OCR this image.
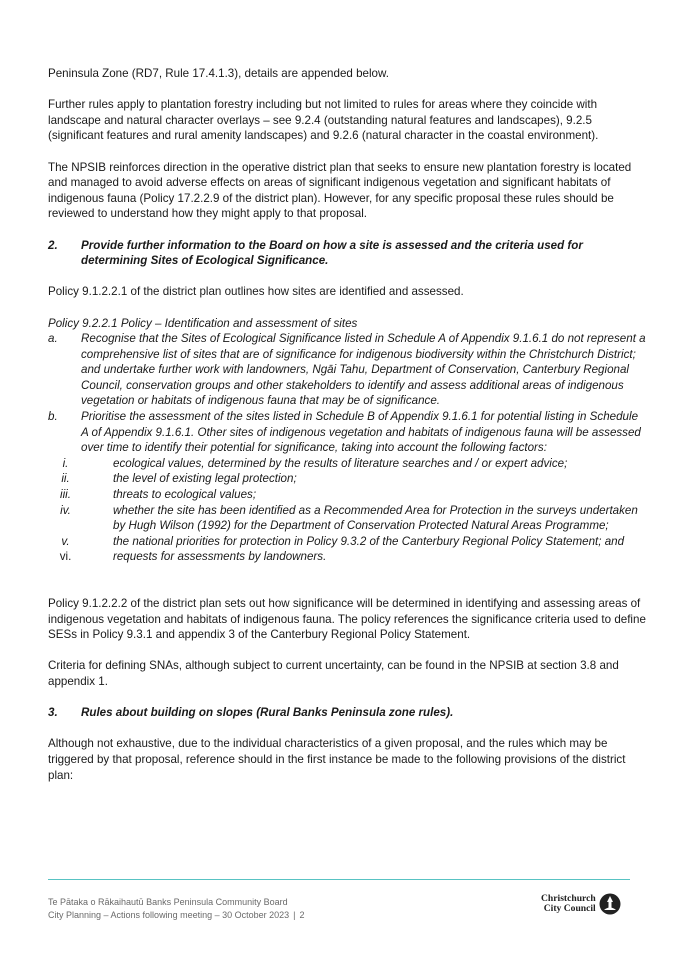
Peninsula Zone (RD7, Rule 17.4.1.3), details are appended below.

Further rules apply to plantation forestry including but not limited to rules for areas where they coincide with landscape and natural character overlays – see 9.2.4 (outstanding natural features and landscapes), 9.2.5 (significant features and rural amenity landscapes) and 9.2.6 (natural character in the coastal environment).

The NPSIB reinforces direction in the operative district plan that seeks to ensure new plantation forestry is located and managed to avoid adverse effects on areas of significant indigenous vegetation and significant habitats of indigenous fauna (Policy 17.2.2.9 of the district plan). However, for any specific proposal these rules should be reviewed to understand how they might apply to that proposal.

2.	Provide further information to the Board on how a site is assessed and the criteria used for determining Sites of Ecological Significance.

Policy 9.1.2.2.1 of the district plan outlines how sites are identified and assessed.

Policy 9.2.2.1 Policy – Identification and assessment of sites

a.	Recognise that the Sites of Ecological Significance listed in Schedule A of Appendix 9.1.6.1 do not represent a comprehensive list of sites that are of significance for indigenous biodiversity within the Christchurch District; and undertake further work with landowners, Ngāi Tahu, Department of Conservation, Canterbury Regional Council, conservation groups and other stakeholders to identify and assess additional areas of indigenous vegetation or habitats of indigenous fauna that may be of significance.
b.	Prioritise the assessment of the sites listed in Schedule B of Appendix 9.1.6.1 for potential listing in Schedule A of Appendix 9.1.6.1. Other sites of indigenous vegetation and habitats of indigenous fauna will be assessed over time to identify their potential for significance, taking into account the following factors:
i.	ecological values, determined by the results of literature searches and / or expert advice;
ii.	the level of existing legal protection;
iii.	threats to ecological values;
iv.	whether the site has been identified as a Recommended Area for Protection in the surveys undertaken by Hugh Wilson (1992) for the Department of Conservation Protected Natural Areas Programme;
v.	the national priorities for protection in Policy 9.3.2 of the Canterbury Regional Policy Statement; and
vi.	requests for assessments by landowners.

Policy 9.1.2.2.2 of the district plan sets out how significance will be determined in identifying and assessing areas of indigenous vegetation and habitats of indigenous fauna. The policy references the significance criteria used to define SESs in Policy 9.3.1 and appendix 3 of the Canterbury Regional Policy Statement.

Criteria for defining SNAs, although subject to current uncertainty, can be found in the NPSIB at section 3.8 and appendix 1.

3.	Rules about building on slopes (Rural Banks Peninsula zone rules).

Although not exhaustive, due to the individual characteristics of a given proposal, and the rules which may be triggered by that proposal, reference should in the first instance be made to the following provisions of the district plan:

Te Pātaka o Rākaihautū Banks Peninsula Community Board
City Planning – Actions following meeting – 30 October 2023 | 2
Christchurch
City Council
